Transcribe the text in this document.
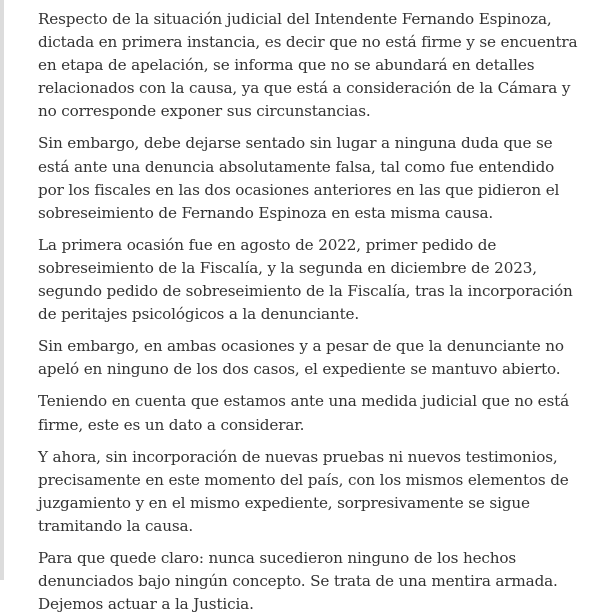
Respecto de la situación judicial del Intendente Fernando Espinoza, dictada en primera instancia, es decir que no está firme y se encuentra en etapa de apelación, se informa que no se abundará en detalles relacionados con la causa, ya que está a consideración de la Cámara y no corresponde exponer sus circunstancias.

Sin embargo, debe dejarse sentado sin lugar a ninguna duda que se está ante una denuncia absolutamente falsa, tal como fue entendido por los fiscales en las dos ocasiones anteriores en las que pidieron el sobreseimiento de Fernando Espinoza en esta misma causa.

La primera ocasión fue en agosto de 2022, primer pedido de sobreseimiento de la Fiscalía, y la segunda en diciembre de 2023, segundo pedido de sobreseimiento de la Fiscalía, tras la incorporación de peritajes psicológicos a la denunciante.

Sin embargo, en ambas ocasiones y a pesar de que la denunciante no apeló en ninguno de los dos casos, el expediente se mantuvo abierto.

Teniendo en cuenta que estamos ante una medida judicial que no está firme, este es un dato a considerar.

Y ahora, sin incorporación de nuevas pruebas ni nuevos testimonios, precisamente en este momento del país, con los mismos elementos de juzgamiento y en el mismo expediente, sorpresivamente se sigue tramitando la causa.

Para que quede claro: nunca sucedieron ninguno de los hechos denunciados bajo ningún concepto. Se trata de una mentira armada. Dejemos actuar a la Justicia.
